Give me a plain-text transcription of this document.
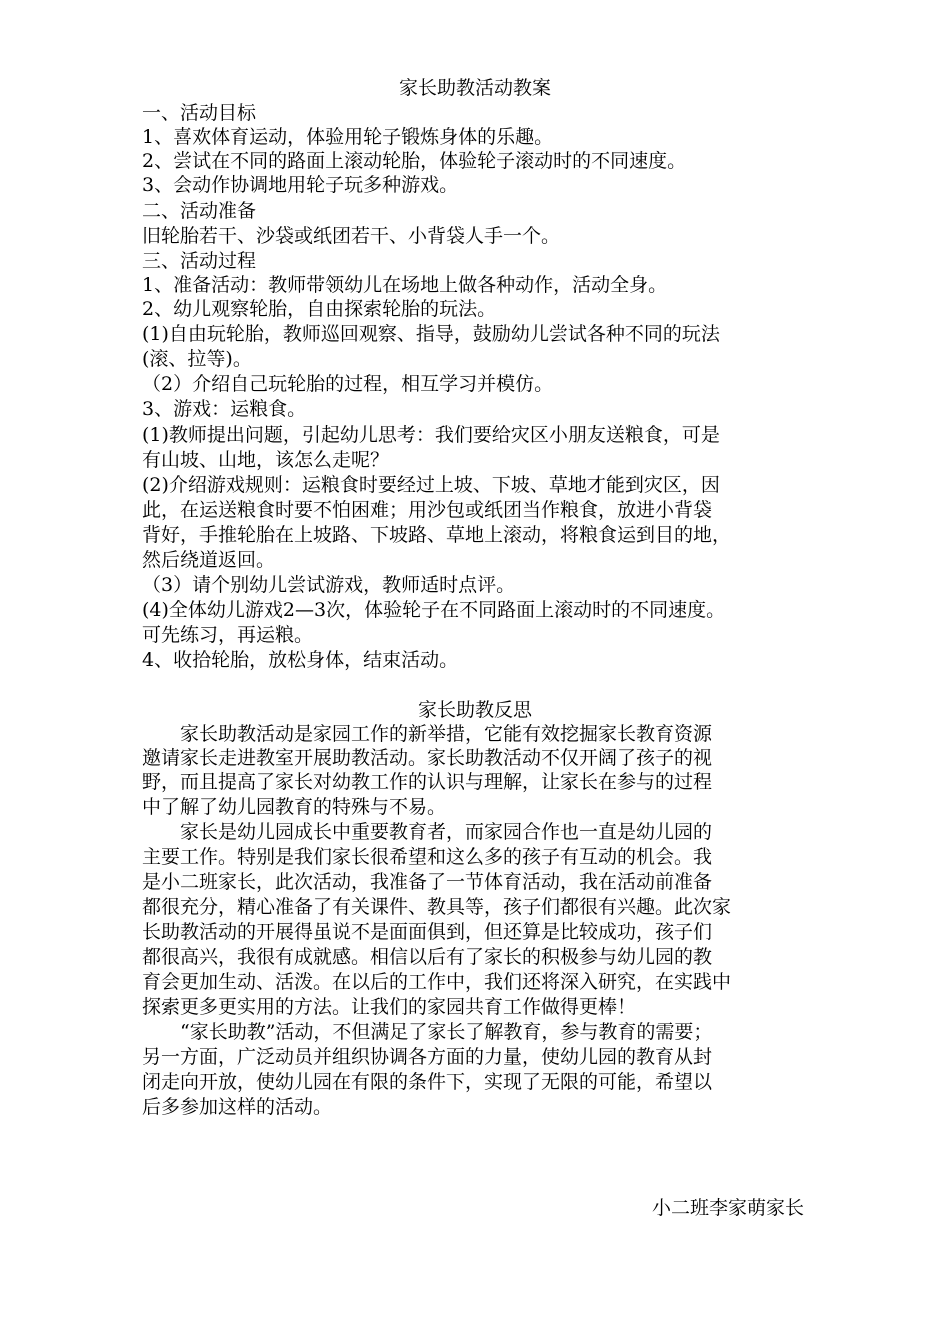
家长助教活动教案
一、活动目标
1、喜欢体育运动，体验用轮子锻炼身体的乐趣。
2、尝试在不同的路面上滚动轮胎，体验轮子滚动时的不同速度。
3、会动作协调地用轮子玩多种游戏。
二、活动准备
旧轮胎若干、沙袋或纸团若干、小背袋人手一个。
三、活动过程
1、准备活动：教师带领幼儿在场地上做各种动作，活动全身。
2、幼儿观察轮胎，自由探索轮胎的玩法。
(1)自由玩轮胎，教师巡回观察、指导，鼓励幼儿尝试各种不同的玩法
(滚、拉等)。
（2）介绍自己玩轮胎的过程，相互学习并模仿。
3、游戏：运粮食。
(1)教师提出问题，引起幼儿思考：我们要给灾区小朋友送粮食，可是
有山坡、山地，该怎么走呢？
(2)介绍游戏规则：运粮食时要经过上坡、下坡、草地才能到灾区，因
此，在运送粮食时要不怕困难；用沙包或纸团当作粮食，放进小背袋
背好，手推轮胎在上坡路、下坡路、草地上滚动，将粮食运到目的地，
然后绕道返回。
（3）请个别幼儿尝试游戏，教师适时点评。
(4)全体幼儿游戏2—3次，体验轮子在不同路面上滚动时的不同速度。
可先练习，再运粮。
4、收拾轮胎，放松身体，结束活动。
家长助教反思
　　家长助教活动是家园工作的新举措，它能有效挖掘家长教育资源
邀请家长走进教室开展助教活动。家长助教活动不仅开阔了孩子的视
野，而且提高了家长对幼教工作的认识与理解，让家长在参与的过程
中了解了幼儿园教育的特殊与不易。
　　家长是幼儿园成长中重要教育者，而家园合作也一直是幼儿园的
主要工作。特别是我们家长很希望和这么多的孩子有互动的机会。我
是小二班家长，此次活动，我准备了一节体育活动，我在活动前准备
都很充分，精心准备了有关课件、教具等，孩子们都很有兴趣。此次家
长助教活动的开展得虽说不是面面俱到，但还算是比较成功，孩子们
都很高兴，我很有成就感。相信以后有了家长的积极参与幼儿园的教
育会更加生动、活泼。在以后的工作中，我们还将深入研究，在实践中
探索更多更实用的方法。让我们的家园共育工作做得更棒！
　　“家长助教”活动，不但满足了家长了解教育，参与教育的需要；
另一方面，广泛动员并组织协调各方面的力量，使幼儿园的教育从封
闭走向开放，使幼儿园在有限的条件下，实现了无限的可能，希望以
后多参加这样的活动。
小二班李家萌家长
